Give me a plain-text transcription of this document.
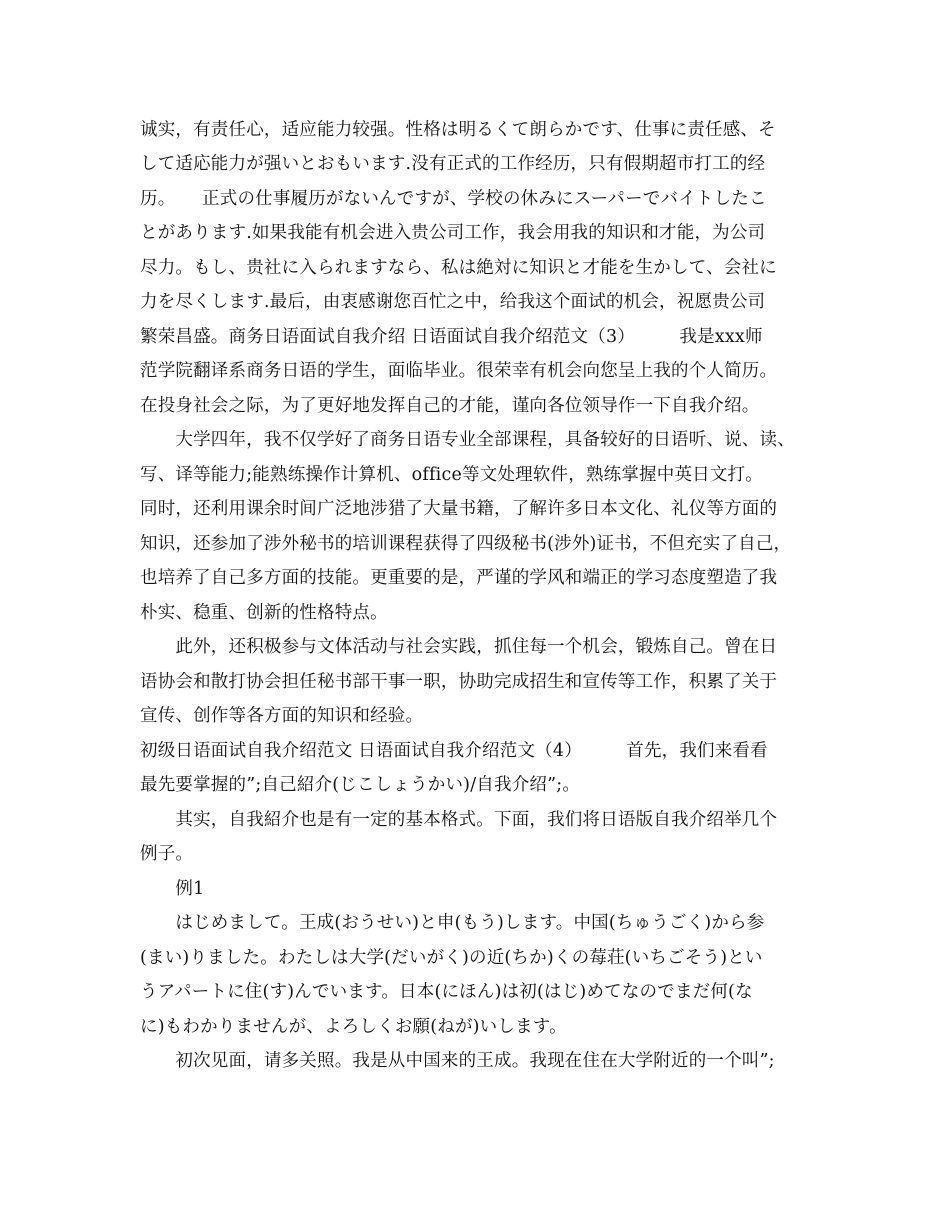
诚实，有责任心，适应能力较强。性格は明るくて朗らかです、仕事に责任感、そ
して适応能力が强いとおもいます.没有正式的工作经历，只有假期超市打工的经
历。　　正式の仕事履历がないんですが、学校の休みにスーパーでバイトしたこ
とがあります.如果我能有机会进入贵公司工作，我会用我的知识和才能，为公司
尽力。もし、贵社に入られますなら、私は絶対に知识と才能を生かして、会社に
力を尽くします.最后，由衷感谢您百忙之中，给我这个面试的机会，祝愿贵公司
繁荣昌盛。商务日语面试自我介绍 日语面试自我介绍范文（3）　　　我是xxx师
范学院翻译系商务日语的学生，面临毕业。很荣幸有机会向您呈上我的个人简历。
在投身社会之际，为了更好地发挥自己的才能，谨向各位领导作一下自我介绍。
　　大学四年，我不仅学好了商务日语专业全部课程，具备较好的日语听、说、读、
写、译等能力;能熟练操作计算机、office等文处理软件，熟练掌握中英日文打。
同时，还利用课余时间广泛地涉猎了大量书籍，了解许多日本文化、礼仪等方面的
知识，还参加了涉外秘书的培训课程获得了四级秘书(涉外)证书，不但充实了自己，
也培养了自己多方面的技能。更重要的是，严谨的学风和端正的学习态度塑造了我
朴实、稳重、创新的性格特点。
　　此外，还积极参与文体活动与社会实践，抓住每一个机会，锻炼自己。曾在日
语协会和散打协会担任秘书部干事一职，协助完成招生和宣传等工作，积累了关于
宣传、创作等各方面的知识和经验。
初级日语面试自我介绍范文 日语面试自我介绍范文（4）　　　首先，我们来看看
最先要掌握的”;自己紹介(じこしょうかい)/自我介绍”;。
　　其实，自我紹介也是有一定的基本格式。下面，我们将日语版自我介绍举几个
例子。
　　例1
　　はじめまして。王成(おうせい)と申(もう)します。中国(ちゅうごく)から参
(まい)りました。わたしは大学(だいがく)の近(ちか)くの莓荘(いちごそう)とい
うアパートに住(す)んでいます。日本(にほん)は初(はじ)めてなのでまだ何(な
に)もわかりませんが、よろしくお願(ねが)いします。
　　初次见面，请多关照。我是从中国来的王成。我现在住在大学附近的一个叫”;
